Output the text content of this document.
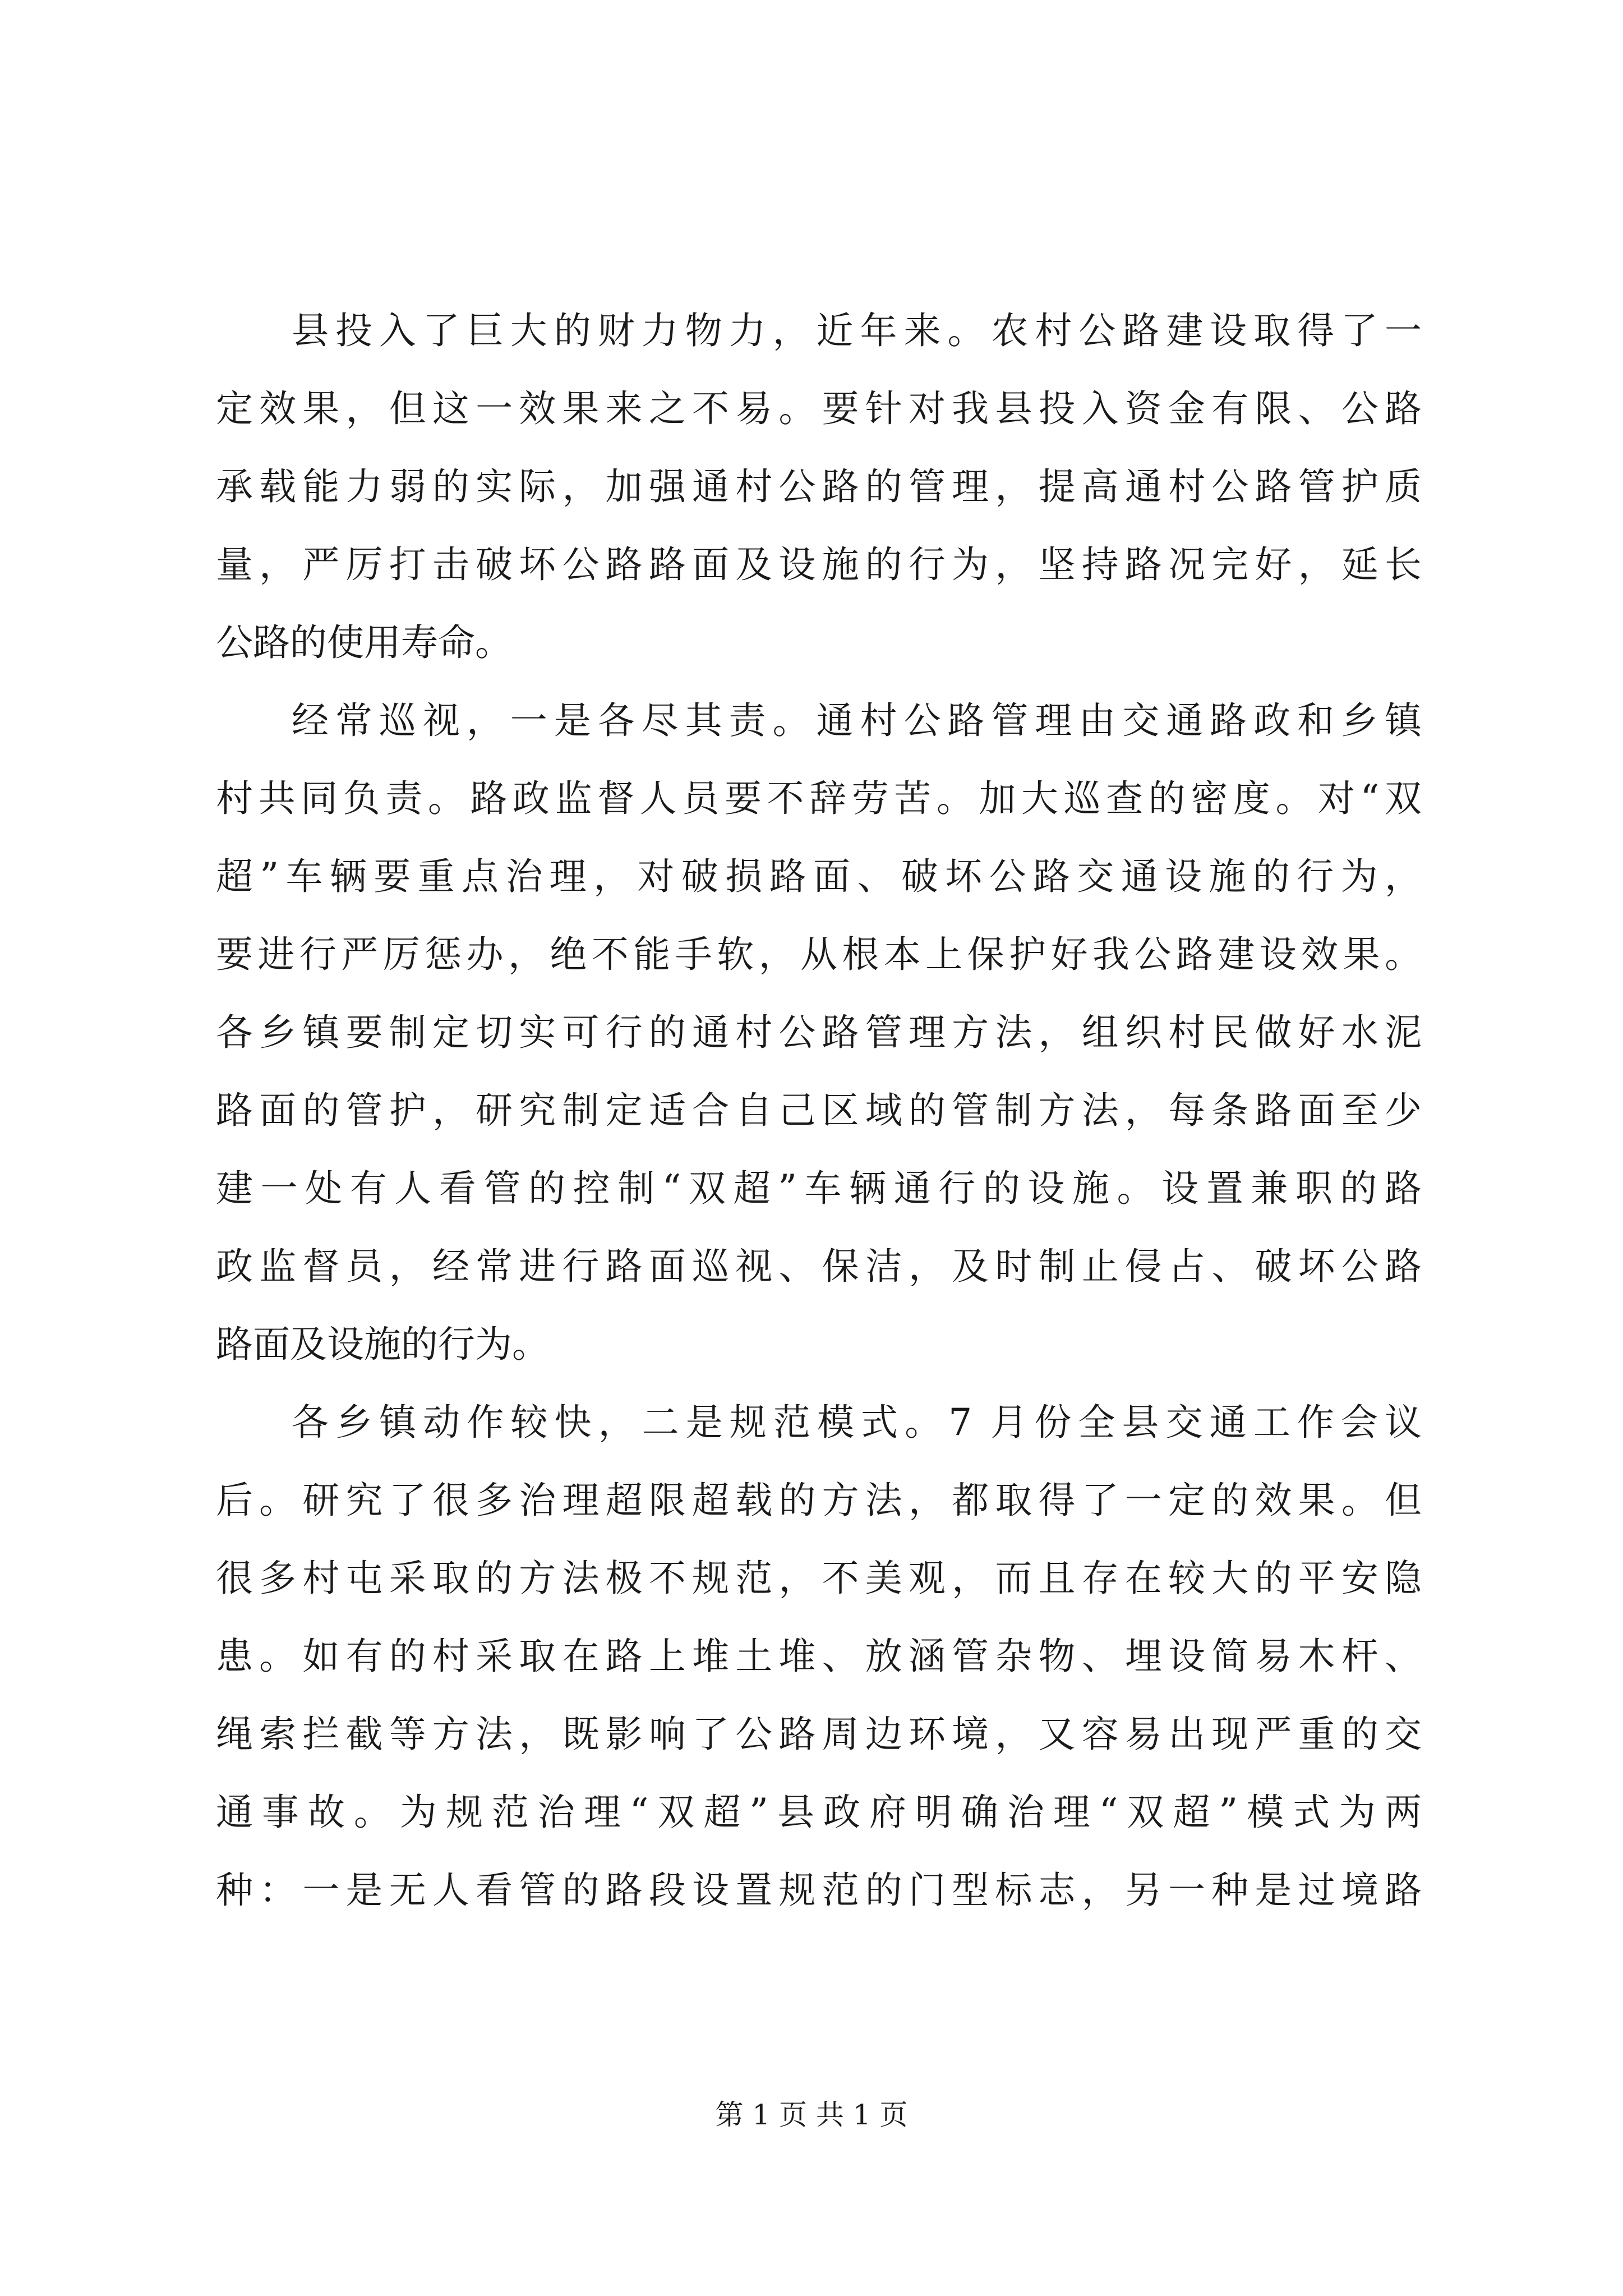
县投入了巨大的财力物力，近年来。农村公路建设取得了一
定效果，但这一效果来之不易。要针对我县投入资金有限、公路
承载能力弱的实际，加强通村公路的管理，提高通村公路管护质
量，严厉打击破坏公路路面及设施的行为，坚持路况完好，延长
公路的使用寿命。

经常巡视，一是各尽其责。通村公路管理由交通路政和乡镇
村共同负责。路政监督人员要不辞劳苦。加大巡查的密度。对“双
超”车辆要重点治理，对破损路面、破坏公路交通设施的行为，
要进行严厉惩办，绝不能手软，从根本上保护好我公路建设效果。
各乡镇要制定切实可行的通村公路管理方法，组织村民做好水泥
路面的管护，研究制定适合自己区域的管制方法，每条路面至少
建一处有人看管的控制“双超”车辆通行的设施。设置兼职的路
政监督员，经常进行路面巡视、保洁，及时制止侵占、破坏公路
路面及设施的行为。

各乡镇动作较快，二是规范模式。7 月份全县交通工作会议
后。研究了很多治理超限超载的方法，都取得了一定的效果。但
很多村屯采取的方法极不规范，不美观，而且存在较大的平安隐
患。如有的村采取在路上堆土堆、放涵管杂物、埋设简易木杆、
绳索拦截等方法，既影响了公路周边环境，又容易出现严重的交
通事故。为规范治理“双超”县政府明确治理“双超”模式为两
种：一是无人看管的路段设置规范的门型标志，另一种是过境路

第 1 页 共 1 页
